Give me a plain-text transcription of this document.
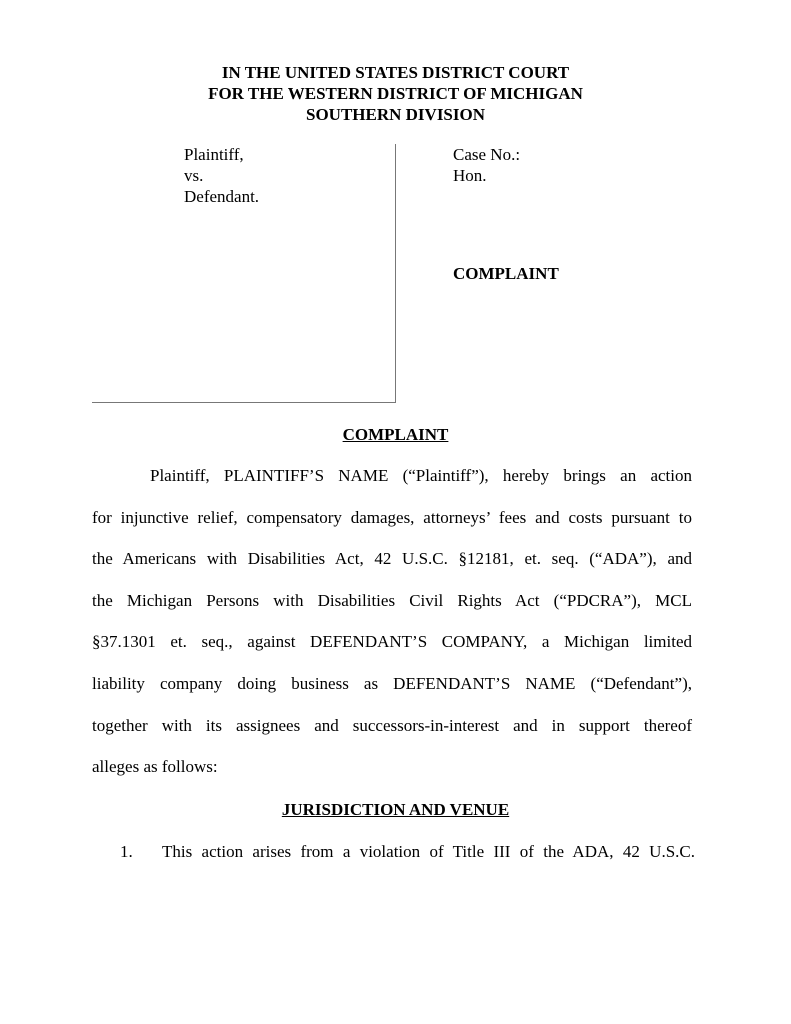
IN THE UNITED STATES DISTRICT COURT
FOR THE WESTERN DISTRICT OF MICHIGAN
SOUTHERN DIVISION
Plaintiff,
vs.
Defendant.
Case No.:
Hon.
COMPLAINT
COMPLAINT
Plaintiff, PLAINTIFF’S NAME (“Plaintiff”), hereby brings an action
for injunctive relief, compensatory damages, attorneys’ fees and costs pursuant to
the Americans with Disabilities Act, 42 U.S.C. §12181, et. seq. (“ADA”), and
the Michigan Persons with Disabilities Civil Rights Act (“PDCRA”), MCL
§37.1301 et. seq., against DEFENDANT’S COMPANY, a Michigan limited
liability company doing business as DEFENDANT’S NAME (“Defendant”),
together with its assignees and successors-in-interest and in support thereof
alleges as follows:
JURISDICTION AND VENUE
1. This action arises from a violation of Title III of the ADA, 42 U.S.C.
